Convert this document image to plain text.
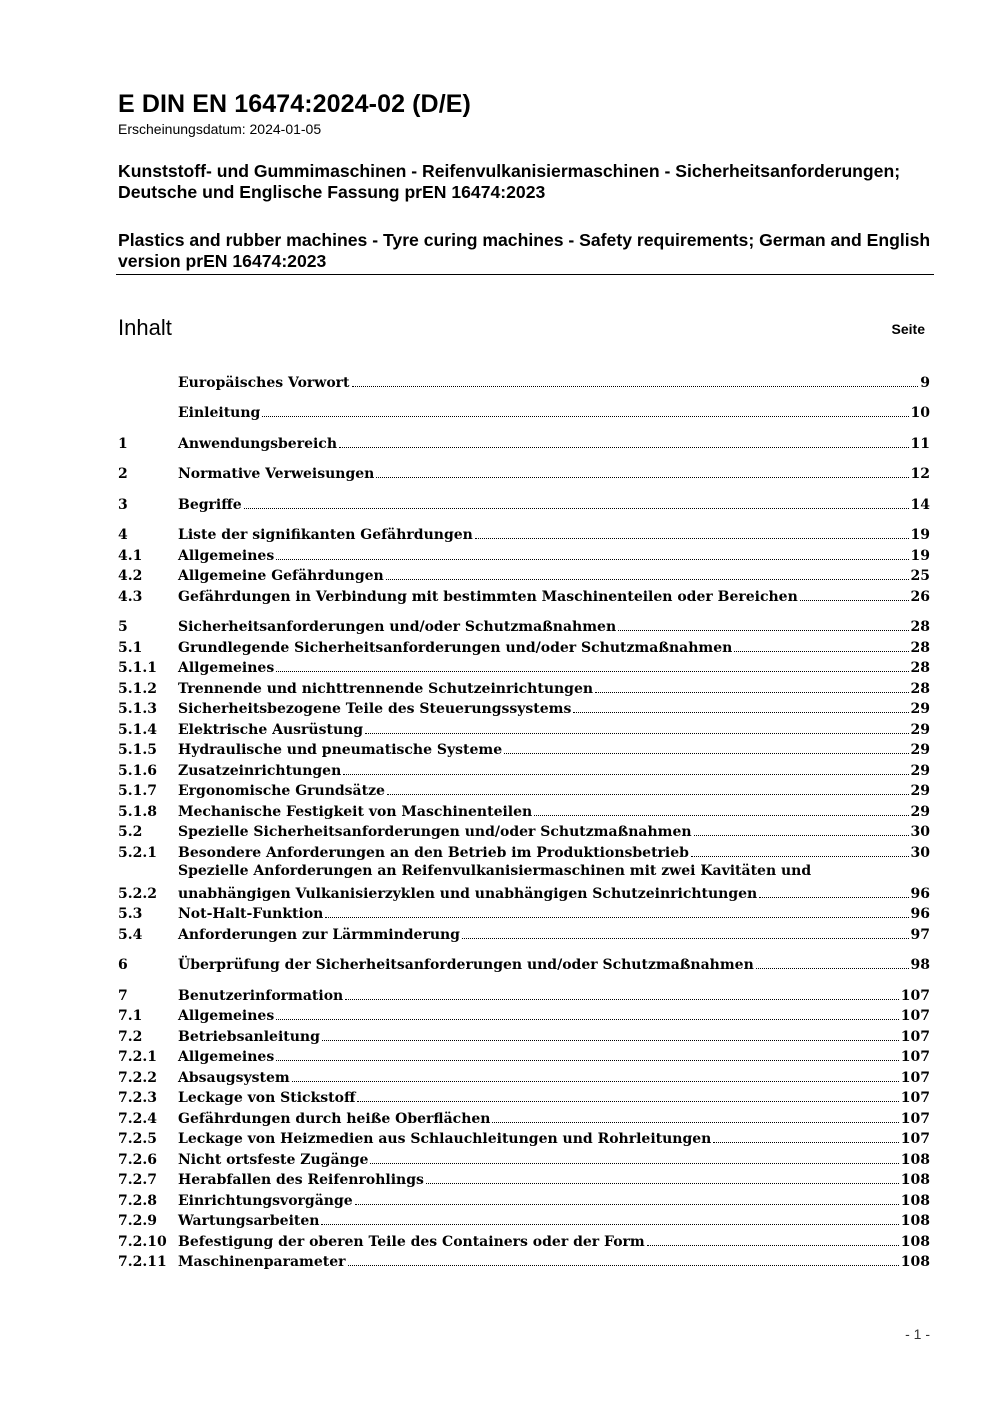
E DIN EN 16474:2024-02 (D/E)
Erscheinungsdatum: 2024-01-05
Kunststoff- und Gummimaschinen - Reifenvulkanisiermaschinen - Sicherheitsanforderungen; Deutsche und Englische Fassung prEN 16474:2023
Plastics and rubber machines - Tyre curing machines - Safety requirements; German and English version prEN 16474:2023
Inhalt	Seite
Europäisches Vorwort	9
Einleitung	10
1	Anwendungsbereich	11
2	Normative Verweisungen	12
3	Begriffe	14
4	Liste der signifikanten Gefährdungen	19
4.1	Allgemeines	19
4.2	Allgemeine Gefährdungen	25
4.3	Gefährdungen in Verbindung mit bestimmten Maschinenteilen oder Bereichen	26
5	Sicherheitsanforderungen und/oder Schutzmaßnahmen	28
5.1	Grundlegende Sicherheitsanforderungen und/oder Schutzmaßnahmen	28
5.1.1	Allgemeines	28
5.1.2	Trennende und nichttrennende Schutzeinrichtungen	28
5.1.3	Sicherheitsbezogene Teile des Steuerungssystems	29
5.1.4	Elektrische Ausrüstung	29
5.1.5	Hydraulische und pneumatische Systeme	29
5.1.6	Zusatzeinrichtungen	29
5.1.7	Ergonomische Grundsätze	29
5.1.8	Mechanische Festigkeit von Maschinenteilen	29
5.2	Spezielle Sicherheitsanforderungen und/oder Schutzmaßnahmen	30
5.2.1	Besondere Anforderungen an den Betrieb im Produktionsbetrieb	30
5.2.2
Spezielle Anforderungen an Reifenvulkanisiermaschinen mit zwei Kavitäten und
unabhängigen Vulkanisierzyklen und unabhängigen Schutzeinrichtungen	96
5.3	Not-Halt-Funktion	96
5.4	Anforderungen zur Lärmminderung	97
6	Überprüfung der Sicherheitsanforderungen und/oder Schutzmaßnahmen	98
7	Benutzerinformation	107
7.1	Allgemeines	107
7.2	Betriebsanleitung	107
7.2.1	Allgemeines	107
7.2.2	Absaugsystem	107
7.2.3	Leckage von Stickstoff	107
7.2.4	Gefährdungen durch heiße Oberflächen	107
7.2.5	Leckage von Heizmedien aus Schlauchleitungen und Rohrleitungen	107
7.2.6	Nicht ortsfeste Zugänge	108
7.2.7	Herabfallen des Reifenrohlings	108
7.2.8	Einrichtungsvorgänge	108
7.2.9	Wartungsarbeiten	108
7.2.10 Befestigung der oberen Teile des Containers oder der Form	108
7.2.11 Maschinenparameter	108
- 1 -
